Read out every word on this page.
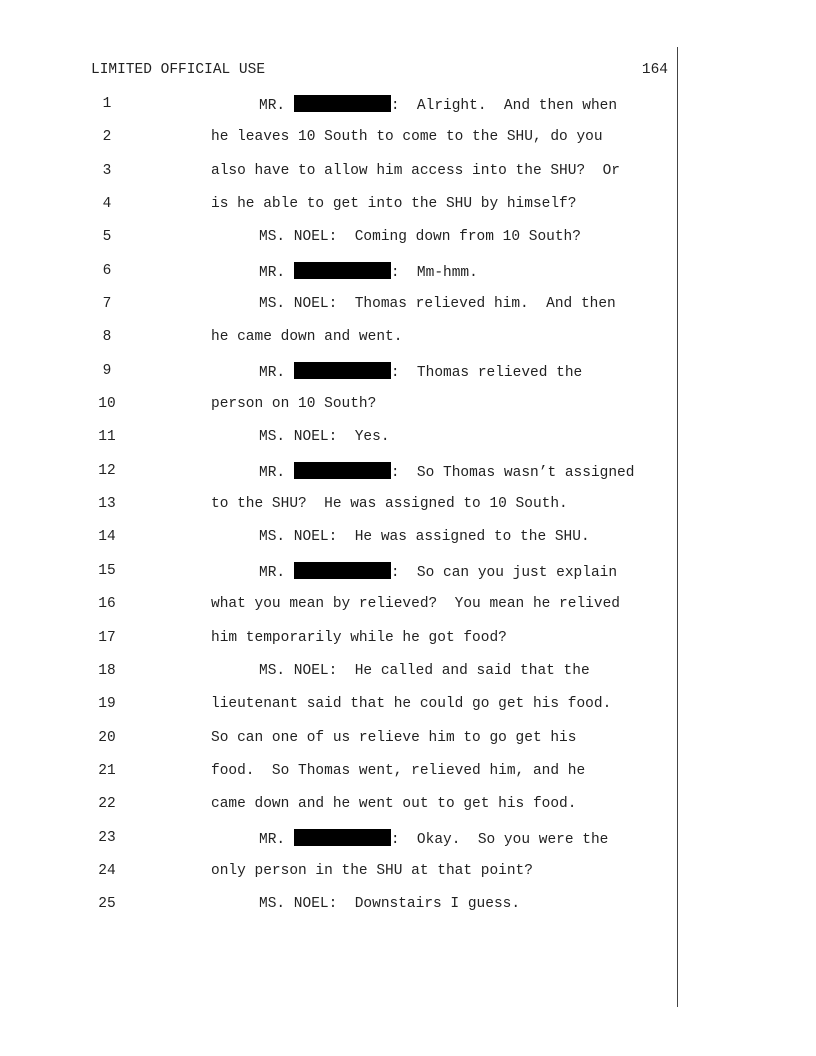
LIMITED OFFICIAL USE	164
1	MR.	:  Alright.  And then when
2	he leaves 10 South to come to the SHU, do you
3	also have to allow him access into the SHU?  Or
4	is he able to get into the SHU by himself?
5	MS. NOEL:  Coming down from 10 South?
6	MR.	:  Mm-hmm.
7	MS. NOEL:  Thomas relieved him.  And then
8	he came down and went.
9	MR.	:  Thomas relieved the
10	person on 10 South?
11	MS. NOEL:  Yes.
12	MR.	:  So Thomas wasn’t assigned
13	to the SHU?  He was assigned to 10 South.
14	MS. NOEL:  He was assigned to the SHU.
15	MR.	:  So can you just explain
16	what you mean by relieved?  You mean he relived
17	him temporarily while he got food?
18	MS. NOEL:  He called and said that the
19	lieutenant said that he could go get his food.
20	So can one of us relieve him to go get his
21	food.  So Thomas went, relieved him, and he
22	came down and he went out to get his food.
23	MR.	:  Okay.  So you were the
24	only person in the SHU at that point?
25	MS. NOEL:  Downstairs I guess.
